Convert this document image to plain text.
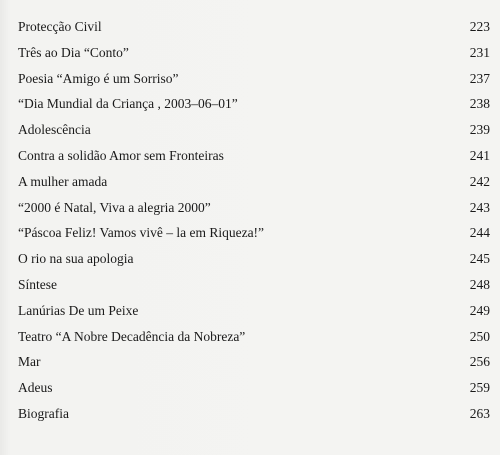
Protecção Civil	223
Três ao Dia “Conto”	231
Poesia “Amigo é um Sorriso”	237
“Dia Mundial da Criança , 2003–06–01”	238
Adolescência	239
Contra a solidão Amor sem Fronteiras	241
A mulher amada	242
“2000 é Natal, Viva a alegria 2000”	243
“Páscoa Feliz! Vamos vivê – la em Riqueza!”	244
O rio na sua apologia	245
Síntese	248
Lanúrias De um Peixe	249
Teatro “A Nobre Decadência da Nobreza”	250
Mar	256
Adeus	259
Biografia	263
